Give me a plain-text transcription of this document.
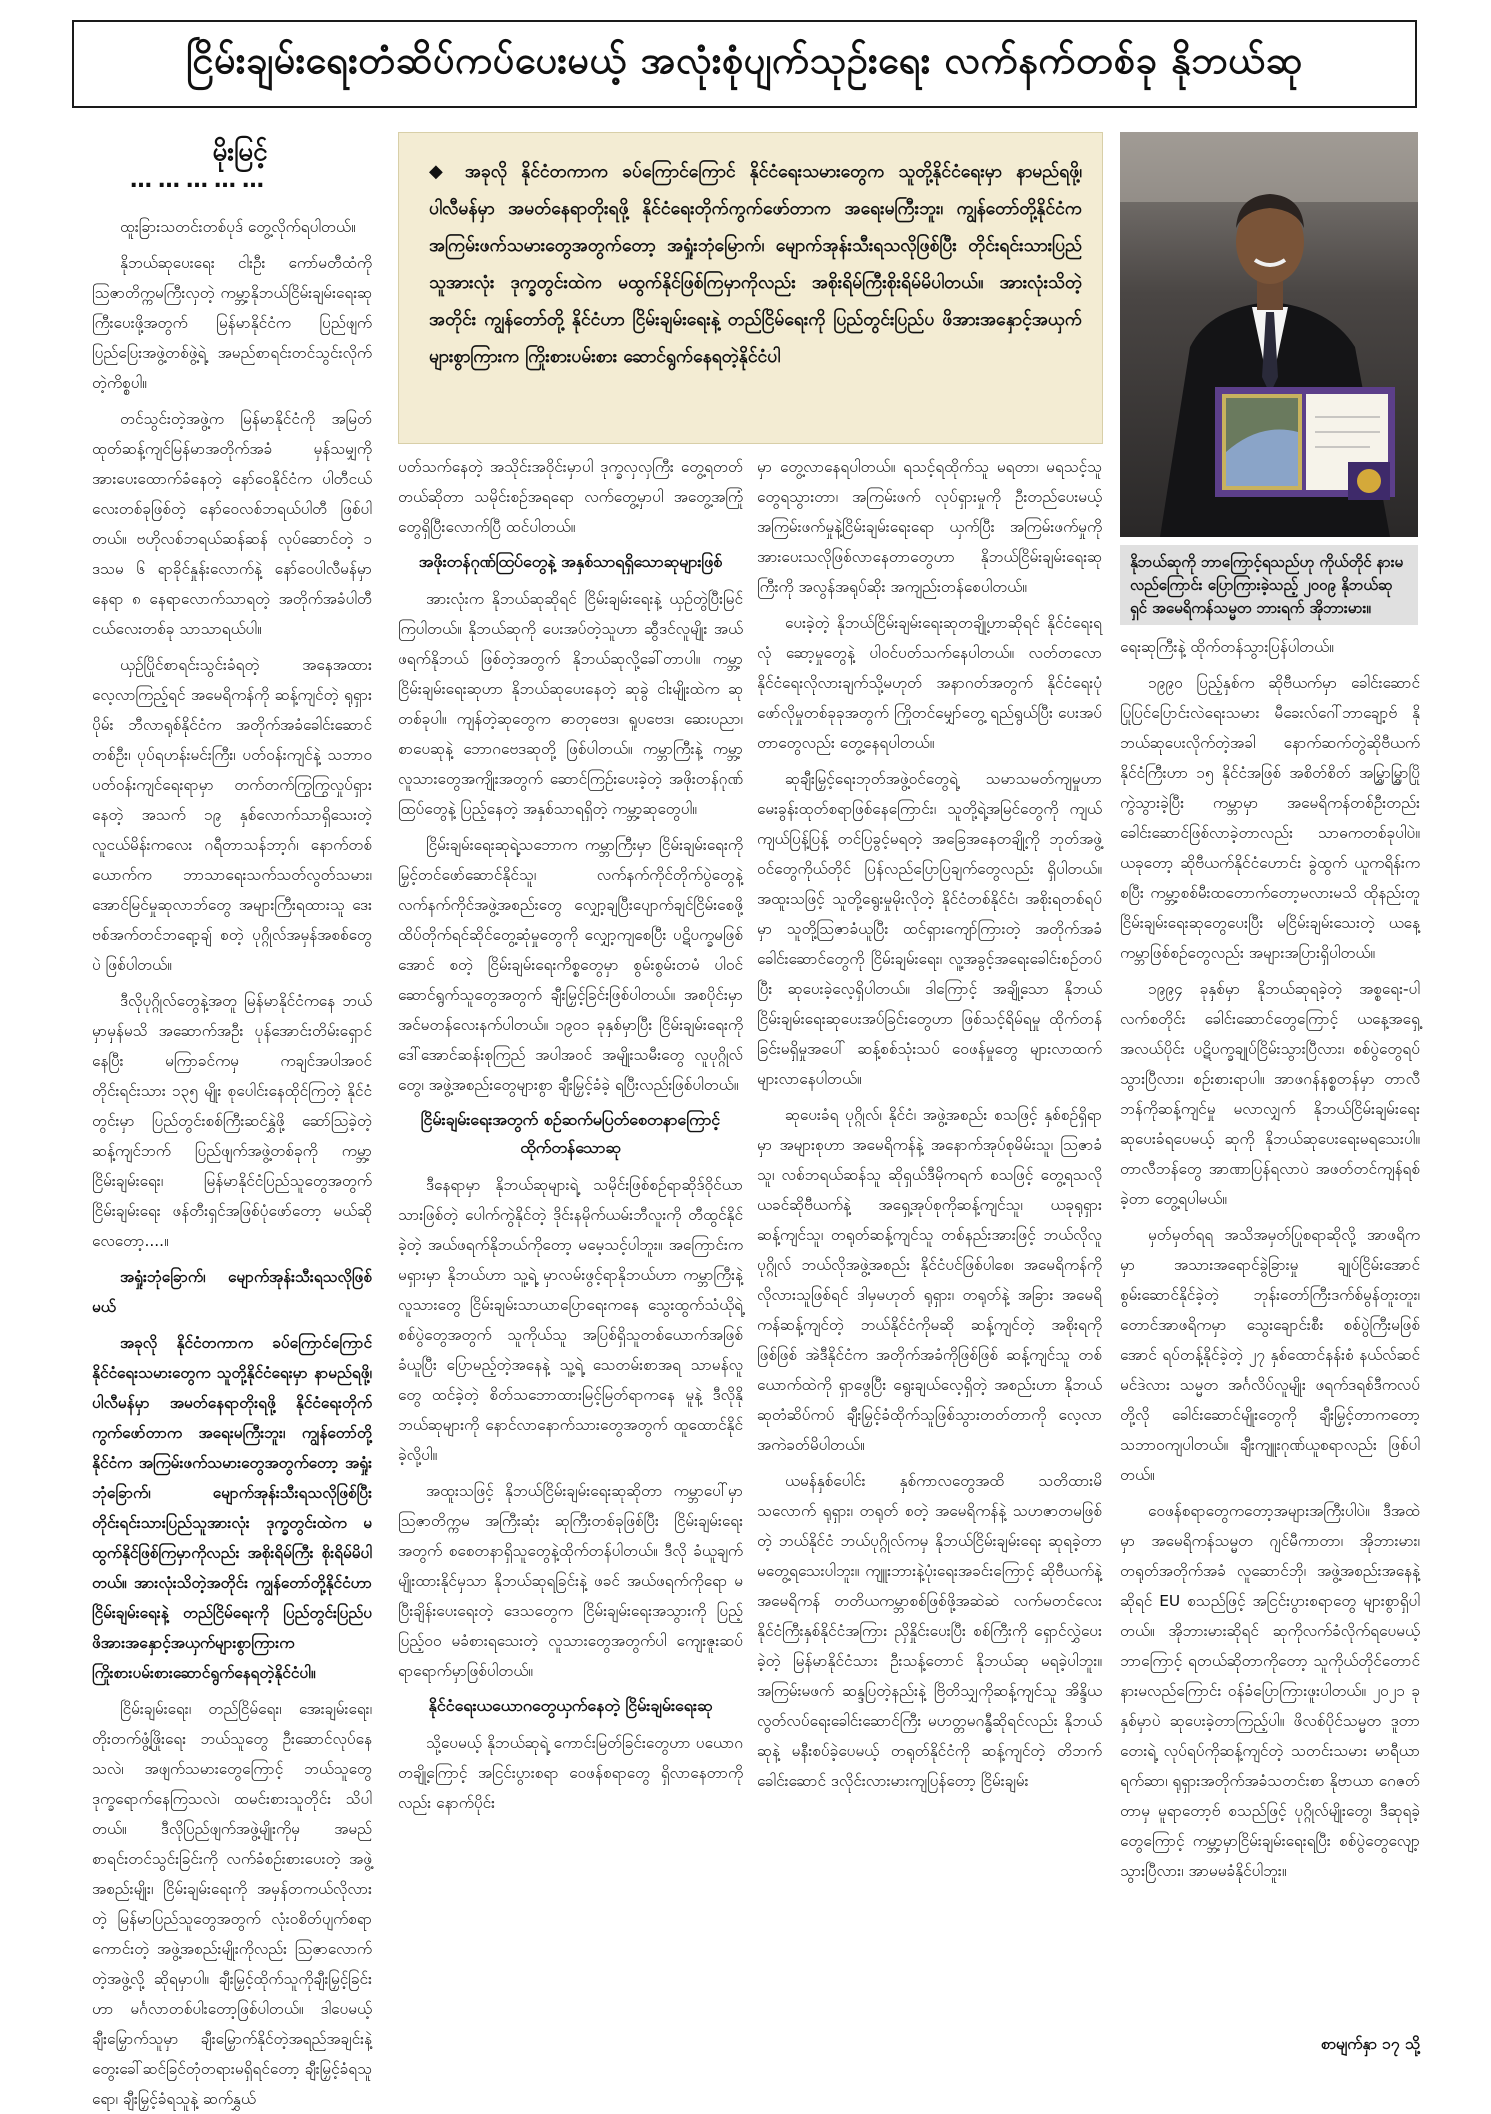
ငြိမ်းချမ်းရေးတံဆိပ်ကပ်ပေးမယ့် အလုံးစုံပျက်သုဥ်းရေး လက်နက်တစ်ခု နိုဘယ်ဆု
မိုးမြင့်
……………

ထူးခြားသတင်းတစ်ပုဒ် တွေ့လိုက်ရပါတယ်။

နိုဘယ်ဆုပေးရေး ငါးဦး ကော်မတီထံကို ဩဇာတိက္ကမကြီးလှတဲ့ ကမ္ဘာ့နိုဘယ်ငြိမ်းချမ်းရေးဆုကြီးပေးဖို့အတွက် မြန်မာနိုင်ငံက ပြည်ဖျက်ပြည်ပြေးအဖွဲ့တစ်ဖွဲ့ရဲ့ အမည်စာရင်းတင်သွင်းလိုက်တဲ့ကိစ္စပါ။

တင်သွင်းတဲ့အဖွဲ့က မြန်မာနိုင်ငံကို အမြတ်ထုတ်ဆန့်ကျင်မြန်မာအတိုက်အခံ မှန်သမျှကို အားပေးထောက်ခံနေတဲ့ နော်ဝေနိုင်ငံက ပါတီငယ်လေးတစ်ခုဖြစ်တဲ့ နော်ဝေလစ်ဘရယ်ပါတီ ဖြစ်ပါတယ်။ ဗဟိုလစ်ဘရယ်ဆန်ဆန် လုပ်ဆောင်တဲ့ ၁ ဒသမ ၆ ရာခိုင်နှုန်းလောက်နဲ့ နော်ဝေပါလီမန်မှာ နေရာ ၈ နေရာလောက်သာရတဲ့ အတိုက်အခံပါတီငယ်လေးတစ်ခု သာသာရယ်ပါ။

ယှဉ်ပြိုင်စာရင်းသွင်းခံရတဲ့ အနေအထား လေ့လာကြည့်ရင် အမေရိကန်ကို ဆန့်ကျင်တဲ့ ရုရှားပိုမ်း ဘီလာရုစ်နိုင်ငံက အတိုက်အခံခေါင်းဆောင်တစ်ဦး၊ ပုပ်ရဟန်းမင်းကြီး၊ ပတ်ဝန်းကျင်နဲ့ သဘာဝပတ်ဝန်းကျင်ရေးရာမှာ တက်တက်ကြွကြွလှုပ်ရှားနေတဲ့ အသက် ၁၉ နှစ်လောက်သာရှိသေးတဲ့ လူငယ်မိန်းကလေး ဂရီတာသန်ဘာ့ဂ်၊ နောက်တစ်ယောက်က ဘာသာရေးသက်သတ်လွတ်သမား၊ အောင်မြင်မှုဆုလာဘ်တွေ အများကြီးရထားသူ ဒေးဗစ်အက်တင်ဘရော့ချ် စတဲ့ ပုဂ္ဂိုလ်အမှန်အစစ်တွေပဲ ဖြစ်ပါတယ်။

ဒီလိုပုဂ္ဂိုလ်တွေနဲ့အတူ မြန်မာနိုင်ငံကနေ ဘယ်မှာမှန်မသိ အဆောက်အဦး ပုန်အောင်းတိမ်းရှောင်နေပြီး မကြာခင်ကမှ ကချင်အပါအဝင် တိုင်းရင်းသား ၁၃၅ မျိုး စုပေါင်းနေထိုင်ကြတဲ့ နိုင်ငံတွင်းမှာ ပြည်တွင်းစစ်ကြီးဆင်နွှဲဖို့ ဆော်သြခဲ့တဲ့ ဆန့်ကျင်ဘက် ပြည်ဖျက်အဖွဲ့တစ်ခုကို ကမ္ဘာ့ငြိမ်းချမ်းရေး၊ မြန်မာနိုင်ငံပြည်သူတွေအတွက် ငြိမ်းချမ်းရေး ဖန်တီးရှင်အဖြစ်ပုံဖော်တော့ မယ်ဆိုလေတော့....။

အရှုံးဘုံခြောက်၊ မျောက်အုန်းသီးရသလိုဖြစ်မယ်

အခုလို နိုင်ငံတကာက ခပ်ကြောင်ကြောင် နိုင်ငံရေးသမားတွေက သူတို့နိုင်ငံရေးမှာ နာမည်ရဖို့၊ ပါလီမန်မှာ အမတ်နေရာတိုးရဖို့ နိုင်ငံရေးတိုက်ကွက်ဖော်တာက အရေးမကြီးဘူး၊ ကျွန်တော်တို့နိုင်ငံက အကြမ်းဖက်သမားတွေအတွက်တော့ အရှုံးဘုံခြောက်၊ မျောက်အုန်းသီးရသလိုဖြစ်ပြီး တိုင်းရင်းသားပြည်သူအားလုံး ဒုက္ခတွင်းထဲက မထွက်နိုင်ဖြစ်ကြမှာကိုလည်း အစိုးရိမ်ကြီး စိုးရိမ်မိပါတယ်။ အားလုံးသိတဲ့အတိုင်း ကျွန်တော်တို့နိုင်ငံဟာ ငြိမ်းချမ်းရေးနဲ့ တည်ငြိမ်ရေးကို ပြည်တွင်းပြည်ပ ဖိအားအနှောင့်အယှက်များစွာကြားက ကြိုးစားပမ်းစားဆောင်ရွက်နေရတဲ့နိုင်ငံပါ။

ငြိမ်းချမ်းရေး၊ တည်ငြိမ်ရေး၊ အေးချမ်းရေး၊ တိုးတက်ဖွံ့ဖြိုးရေး ဘယ်သူတွေ ဦးဆောင်လုပ်နေသလဲ၊ အဖျက်သမားတွေကြောင့် ဘယ်သူတွေ ဒုက္ခရောက်နေကြသလဲ၊ ထမင်းစားသူတိုင်း သိပါတယ်။ ဒီလိုပြည်ဖျက်အဖွဲ့မျိုးကိုမှ အမည်စာရင်းတင်သွင်းခြင်းကို လက်ခံစဉ်းစားပေးတဲ့ အဖွဲ့အစည်းမျိုး၊ ငြိမ်းချမ်းရေးကို အမှန်တကယ်လိုလားတဲ့ မြန်မာပြည်သူတွေအတွက် လုံးဝစိတ်ပျက်စရာကောင်းတဲ့ အဖွဲ့အစည်းမျိုးကိုလည်း ဩဇာလောက်တဲ့အဖွဲ့လို့ ဆိုရမှာပါ။ ချီးမြှင့်ထိုက်သူကိုချီးမြှင့်ခြင်းဟာ မင်္ဂလာတစ်ပါးတော့ဖြစ်ပါတယ်။ ဒါပေမယ့် ချီးမြှောက်သူမှာ ချီးမြှောက်နိုင်တဲ့အရည်အချင်းနဲ့ တွေးခေါ်ဆင်ခြင်တုံတရားမရှိရင်တော့ ချီးမြှင့်ခံရသူရော၊ ချီးမြှင့်ခံရသူနဲ့ ဆက်နွှယ်

◆ အခုလို နိုင်ငံတကာက ခပ်ကြောင်ကြောင် နိုင်ငံရေးသမားတွေက သူတို့နိုင်ငံရေးမှာ နာမည်ရဖို့၊ ပါလီမန်မှာ အမတ်နေရာတိုးရဖို့ နိုင်ငံရေးတိုက်ကွက်ဖော်တာက အရေးမကြီးဘူး၊ ကျွန်တော်တို့နိုင်ငံက အကြမ်းဖက်သမားတွေအတွက်တော့ အရှုံးဘုံမြောက်၊ မျောက်အုန်းသီးရသလိုဖြစ်ပြီး တိုင်းရင်းသားပြည်သူအားလုံး ဒုက္ခတွင်းထဲက မထွက်နိုင်ဖြစ်ကြမှာကိုလည်း အစိုးရိမ်ကြီးစိုးရိမ်မိပါတယ်။ အားလုံးသိတဲ့အတိုင်း ကျွန်တော်တို့ နိုင်ငံဟာ ငြိမ်းချမ်းရေးနဲ့ တည်ငြိမ်ရေးကို ပြည်တွင်းပြည်ပ ဖိအားအနှောင့်အယှက် များစွာကြားက ကြိုးစားပမ်းစား ဆောင်ရွက်နေရတဲ့နိုင်ငံပါ

ပတ်သက်နေတဲ့ အသိုင်းအဝိုင်းမှာပါ ဒုက္ခလှလှကြီး တွေ့ရတတ်တယ်ဆိုတာ သမိုင်းစဉ်အရရော လက်တွေ့မှာပါ အတွေ့အကြုံတွေရှိပြီးလောက်ပြီ ထင်ပါတယ်။

အဖိုးတန်ဂုဏ်ထြပ်တွေနဲ့ အနှစ်သာရရှိသောဆုများဖြစ်

အားလုံးက နိုဘယ်ဆုဆိုရင် ငြိမ်းချမ်းရေးနဲ့ ယှဉ်တွဲပြီးမြင်ကြပါတယ်။ နိုဘယ်ဆုကို ပေးအပ်တဲ့သူဟာ ဆွီဒင်လူမျိုး အယ်ဖရက်နိုဘယ် ဖြစ်တဲ့အတွက် နိုဘယ်ဆုလို့ခေါ်တာပါ။ ကမ္ဘာ့ငြိမ်းချမ်းရေးဆုဟာ နိုဘယ်ဆုပေးနေတဲ့ ဆုခွဲ ငါးမျိုးထဲက ဆုတစ်ခုပါ။ ကျန်တဲ့ဆုတွေက ဓာတုဗေဒ၊ ရူပဗေဒ၊ ဆေးပညာ၊ စာပေဆုနဲ့ ဘောဂဗေဒဆုတို့ ဖြစ်ပါတယ်။ ကမ္ဘာကြီးနဲ့ ကမ္ဘာ့လူသားတွေအကျိုးအတွက် ဆောင်ကြဉ်းပေးခဲ့တဲ့ အဖိုးတန်ဂုဏ်ထြပ်တွေနဲ့ ပြည့်နေတဲ့ အနှစ်သာရရှိတဲ့ ကမ္ဘာ့ဆုတွေပါ။

ငြိမ်းချမ်းရေးဆုရဲ့သဘောက ကမ္ဘာကြီးမှာ ငြိမ်းချမ်းရေးကို မြှင့်တင်ဖော်ဆောင်နိုင်သူ၊ လက်နက်ကိုင်တိုက်ပွဲတွေနဲ့ လက်နက်ကိုင်အဖွဲ့အစည်းတွေ လျှော့ချပြီးပျောက်ချင်ငြိမ်းစေဖို့ ထိပ်တိုက်ရင်ဆိုင်တွေ့ဆုံမှုတွေကို လျှော့ကျစေပြီး ပဋိပက္ခမဖြစ်အောင် စတဲ့ ငြိမ်းချမ်းရေးကိစ္စတွေမှာ စွမ်းစွမ်းတမံ ပါဝင်ဆောင်ရွက်သူတွေအတွက် ချီးမြှင့်ခြင်းဖြစ်ပါတယ်။ အစပိုင်းမှာ အင်မတန်လေးနက်ပါတယ်။ ၁၉၀၁ ခုနှစ်မှာပြီး ငြိမ်းချမ်းရေးကို ဒေါ်အောင်ဆန်းစုကြည် အပါအဝင် အမျိုးသမီးတွေ လူပုဂ္ဂိုလ်တွေ၊ အဖွဲ့အစည်းတွေများစွာ ချီးမြှင့်ခံခဲ့ ရပြီးလည်းဖြစ်ပါတယ်။

ငြိမ်းချမ်းရေးအတွက် စဉ်ဆက်မပြတ်စေတနာကြောင့် ထိုက်တန်သောဆု

ဒီနေရာမှာ နိုဘယ်ဆုများရဲ့ သမိုင်းဖြစ်စဉ်ရာဆိုဒ်ဝိုင်ယာသားဖြစ်တဲ့ ပေါက်ကွဲနိုင်တဲ့ ဒိုင်းနမိုက်ယမ်းဘီလူးကို တီထွင်နိုင်ခဲ့တဲ့ အယ်ဖရက်နိုဘယ်ကိုတော့ မမေ့သင့်ပါဘူး။ အကြောင်းကမရှားမှာ နိုဘယ်ဟာ သူ့ရဲ့ မှာလမ်းဖွင့်ရာနိုဘယ်ဟာ ကမ္ဘာကြီးနဲ့ လူသားတွေ ငြိမ်းချမ်းသာယာပြောရေးကနေ သွေးထွက်သံယိုရဲ့ စစ်ပွဲတွေအတွက် သူကိုယ်သူ အပြစ်ရှိသူတစ်ယောက်အဖြစ် ခံယူပြီး ပြောမည့်တဲ့အနေနဲ့ သူ့ရဲ့ သေတမ်းစာအရ သာမန်လူတွေ ထင်ခဲ့တဲ့ စိတ်သဘောထားမြင့်မြတ်ရာကနေ မူနဲ့ ဒီလိုနိုဘယ်ဆုများကို နောင်လာနောက်သားတွေအတွက် ထူထောင်နိုင်ခဲ့လို့ပါ။

အထူးသဖြင့် နိုဘယ်ငြိမ်းချမ်းရေးဆုဆိုတာ ကမ္ဘာပေါ်မှာ ဩဇာတိက္ကမ အကြီးဆုံး ဆုကြီးတစ်ခုဖြစ်ပြီး ငြိမ်းချမ်းရေးအတွက် စစေတနာရှိသူတွေနဲ့ထိုက်တန်ပါတယ်။ ဒီလို ခံယူချက်မျိုးထားနိုင်မှသာ နိုဘယ်ဆုရခြင်းနဲ့ ဖခင် အယ်ဖရက်ကိုရော မပြီးချိန်းပေးရေးတဲ့ ဒေသတွေက ငြိမ်းချမ်းရေးအသွားကို ပြည့်ပြည့်ဝဝ မခံစားရသေးတဲ့ လူသားတွေအတွက်ပါ ကျေးဇူးဆပ်ရာရောက်မှာဖြစ်ပါတယ်။

နိုင်ငံရေးယယောဂတွေယှက်နေတဲ့ ငြိမ်းချမ်းရေးဆု

သို့ပေမယ့် နိုဘယ်ဆုရဲ့ ကောင်းမြတ်ခြင်းတွေဟာ ပယောဂတချို့ကြောင့် အငြင်းပွားစရာ ဝေဖန်စရာတွေ ရှိလာနေတာကိုလည်း နောက်ပိုင်း

မှာ တွေ့လာနေရပါတယ်။ ရသင့်ရထိုက်သူ မရတာ၊ မရသင့်သူတွေရသွားတာ၊ အကြမ်းဖက် လုပ်ရှားမှုကို ဦးတည်ပေးမယ့် အကြမ်းဖက်မှုနဲ့ငြိမ်းချမ်းရေးရော ယှက်ပြီး အကြမ်းဖက်မှုကို အားပေးသလိုဖြစ်လာနေတာတွေဟာ နိုဘယ်ငြိမ်းချမ်းရေးဆုကြီးကို အလွန်အရုပ်ဆိုး အကျည်းတန်စေပါတယ်။

ပေးခဲ့တဲ့ နိုဘယ်ငြိမ်းချမ်းရေးဆုတချို့ဟာဆိုရင် နိုင်ငံရေးရလုံ ဆော့မှုတွေနဲ့ ပါဝင်ပတ်သက်နေပါတယ်။ လတ်တလော နိုင်ငံရေးလိုလားချက်သို့မဟုတ် အနာဂတ်အတွက် နိုင်ငံရေးပုံဖော်လိုမှုတစ်ခုခုအတွက် ကြိုတင်မျှော်တွေ့ ရည်ရွယ်ပြီး ပေးအပ်တာတွေလည်း တွေ့နေရပါတယ်။

ဆုချီးမြှင့်ရေးဘုတ်အဖွဲ့ဝင်တွေရဲ့ သမာသမတ်ကျမှုဟာ မေးခွန်းထုတ်စရာဖြစ်နေကြောင်း၊ သူတို့ရဲ့အမြင်တွေကို ကျယ်ကျယ်ပြန့်ပြန့် တင်ပြခွင့်မရတဲ့ အခြေအနေတချို့ကို ဘုတ်အဖွဲ့ဝင်တွေကိုယ်တိုင် ပြန်လည်ပြောပြချက်တွေလည်း ရှိပါတယ်။ အထူးသဖြင့် သူတို့ရွေးမှုမိုးလိုတဲ့ နိုင်ငံတစ်နိုင်ငံ၊ အစိုးရတစ်ရပ်မှာ သူတို့ဩဇာခံယူပြီး ထင်ရှားကျော်ကြားတဲ့ အတိုက်အခံခေါင်းဆောင်တွေကို ငြိမ်းချမ်းရေး၊ လူ့အခွင့်အရေးခေါင်းစဉ်တပ်ပြီး ဆုပေးခဲ့လေ့ရှိပါတယ်။ ဒါကြောင့် အချို့သော နိုဘယ်ငြိမ်းချမ်းရေးဆုပေးအပ်ခြင်းတွေဟာ ဖြစ်သင့်ရိမ်ရမှု ထိုက်တန်ခြင်းမရှိမှုအပေါ် ဆန့်စစ်သုံးသပ် ဝေဖန်မှုတွေ များလာထက်များလာနေပါတယ်။

ဆုပေးခံရ ပုဂ္ဂိုလ်၊ နိုင်ငံ၊ အဖွဲ့အစည်း စသဖြင့် နှစ်စဉ်ရှိရာမှာ အများစုဟာ အမေရိကန်နဲ့ အနောက်အုပ်စုမိမ်းသူ၊ ဩဇာခံသူ၊ လစ်ဘရယ်ဆန်သူ ဆိုရှယ်ဒီမိုကရက် စသဖြင့် တွေ့ရသလိုယခင်ဆိုဗီယက်နဲ့ အရှေ့အုပ်စုကိုဆန့်ကျင်သူ၊ ယခုရုရှားဆန့်ကျင်သူ၊ တရုတ်ဆန့်ကျင်သူ တစ်နည်းအားဖြင့် ဘယ်လိုလူပုဂ္ဂိုလ် ဘယ်လိုအဖွဲ့အစည်း နိုင်ငံပင်ဖြစ်ပါစေ၊ အမေရိကန်ကိုလိုလားသူဖြစ်ရင် ဒါမှမဟုတ် ရုရှား၊ တရုတ်နဲ့ အခြား အမေရိကန်ဆန့်ကျင်တဲ့ ဘယ်နိုင်ငံကိုမဆို ဆန့်ကျင်တဲ့ အစိုးရကိုဖြစ်ဖြစ် အဲဒီနိုင်ငံက အတိုက်အခံကိုဖြစ်ဖြစ် ဆန့်ကျင်သူ တစ်ယောက်ထဲကို ရှာဖွေပြီး ရွေးချယ်လေ့ရှိတဲ့ အစည်းဟာ နိုဘယ်ဆုတံဆိပ်ကပ် ချီးမြှင့်ခံထိုက်သူဖြစ်သွားတတ်တာကို လေ့လာအကဲခတ်မိပါတယ်။

ယမန်နှစ်ပေါင်း နှစ်ကာလတွေအထိ သတိထားမိသလောက် ရုရှား၊ တရုတ် စတဲ့ အမေရိကန်နဲ့ သဟဇာတမဖြစ်တဲ့ ဘယ်နိုင်ငံ ဘယ်ပုဂ္ဂိုလ်ကမှ နိုဘယ်ငြိမ်းချမ်းရေး ဆုရခဲ့တာ မတွေ့ရသေးပါဘူး။ ကျူးဘားနဲ့ပုံးရေးအခင်းကြောင့် ဆိုဗီယက်နဲ့ အမေရိကန် တတိယကမ္ဘာစစ်ဖြစ်ဖို့အဆဲဆဲ လက်မတင်လေး နိုင်ငံကြီးနှစ်နိုင်ငံအကြား ညှိနှိုင်းပေးပြီး စစ်ကြီးကို ရှောင်လွှဲပေးခဲ့တဲ့ မြန်မာနိုင်ငံသား ဦးသန့်တောင် နိုဘယ်ဆု မရခဲ့ပါဘူး။ အကြမ်းမဖက် ဆန္ဒပြတဲ့နည်းနဲ့ ဗြိတိသျှကိုဆန့်ကျင်သူ အိန္ဒိယလွတ်လပ်ရေးခေါင်းဆောင်ကြီး မဟတ္တမဂန္ဓီဆိုရင်လည်း နိုဘယ်ဆုနဲ့ မနီးစပ်ခဲ့ပေမယ့် တရုတ်နိုင်ငံကို ဆန့်ကျင်တဲ့ တိဘက်ခေါင်းဆောင် ဒလိုင်းလားမားကျပြန်တော့ ငြိမ်းချမ်း

နိုဘယ်ဆုကို ဘာကြောင့်ရသည်ဟု ကိုယ်တိုင် နားမလည်ကြောင်း ပြောကြားခဲ့သည့် ၂၀၀၉ နိုဘယ်ဆုရှင် အမေရိကန်သမ္မတ ဘားရက် အိုဘားမား။

ရေးဆုကြီးနဲ့ ထိုက်တန်သွားပြန်ပါတယ်။

၁၉၉၀ ပြည့်နှစ်က ဆိုဗီယက်မှာ ခေါင်းဆောင် ပြုပြင်ပြောင်းလဲရေးသမား မီခေးလ်ဂေါ်ဘာချော့ဗ် နိုဘယ်ဆုပေးလိုက်တဲ့အခါ နောက်ဆက်တွဲဆိုဗီယက်နိုင်ငံကြီးဟာ ၁၅ နိုင်ငံအဖြစ် အစိတ်စိတ် အမြွှာမြွှာပြိုကွဲသွားခဲ့ပြီး ကမ္ဘာမှာ အမေရိကန်တစ်ဦးတည်း ခေါင်းဆောင်ဖြစ်လာခဲ့တာလည်း သာဓကတစ်ခုပါပဲ။ ယခုတော့ ဆိုဗီယက်နိုင်ငံဟောင်း ခွဲထွက် ယူကရိန်းကစပြီး ကမ္ဘာ့စစ်မီးထတောက်တော့မလားမသိ ထိုနည်းတူ ငြိမ်းချမ်းရေးဆုတွေပေးပြီး မငြိမ်းချမ်းသေးတဲ့ ယနေ့ကမ္ဘာဖြစ်စဉ်တွေလည်း အများအပြားရှိပါတယ်။

၁၉၉၄ ခုနှစ်မှာ နိုဘယ်ဆုရခဲ့တဲ့ အစ္စရေး-ပါလက်စတိုင်း ခေါင်းဆောင်တွေကြောင့် ယနေ့အရှေ့အလယ်ပိုင်း ပဋိပက္ခချုပ်ငြိမ်းသွားပြီလား၊ စစ်ပွဲတွေရပ်သွားပြီလား၊ စဉ်းစားရာပါ။ အာဖဂန်နစ္စတန်မှာ တာလီဘန်ကိုဆန့်ကျင်မှု မလာလျှက် နိုဘယ်ငြိမ်းချမ်းရေး ဆုပေးခံရပေမယ့် ဆုကို နိုဘယ်ဆုပေးရေးမရသေးပါ။ တာလီဘန်တွေ အာဏာပြန်ရလာပဲ အဖတ်တင်ကျန်ရစ်ခဲ့တာ တွေ့ရပါမယ်။

မှတ်မှတ်ရရ အသိအမှတ်ပြုစရာဆိုလို့ အာဖရိကမှာ အသားအရောင်ခွဲခြားမှု ချုပ်ငြိမ်းအောင် စွမ်းဆောင်နိုင်ခဲ့တဲ့ ဘုန်းတော်ကြီးဒက်စ်မွန်တူးတူး၊ တောင်အာဖရိကမှာ သွေးချောင်းစီး စစ်ပွဲကြီးမဖြစ်အောင် ရပ်တန့်နိုင်ခဲ့တဲ့ ၂၇ နှစ်ထောင်နန်းစံ နယ်လ်ဆင်မင်ဒဲလား သမ္မတ အင်္ဂလိပ်လူမျိုး ဖရက်ဒရစ်ဒီကလပ်တို့လို ခေါင်းဆောင်မျိုးတွေကို ချီးမြှင့်တာကတော့ သဘာဝကျပါတယ်။ ချီးကျူးဂုဏ်ယူစရာလည်း ဖြစ်ပါတယ်။

ဝေဖန်စရာတွေကတော့အများအကြီးပါပဲ။ ဒီအထဲမှာ အမေရိကန်သမ္မတ ဂျင်မီကာတာ၊ အိုဘားမား၊ တရုတ်အတိုက်အခံ လူဆောင်ဘို၊ အဖွဲ့အစည်းအနေနဲ့ဆိုရင် EU စသည်ဖြင့် အငြင်းပွားစရာတွေ များစွာရှိပါတယ်။ အိုဘားမားဆိုရင် ဆုကိုလက်ခံလိုက်ရပေမယ့် ဘာကြောင့် ရတယ်ဆိုတာကိုတော့ သူကိုယ်တိုင်တောင် နားမလည်ကြောင်း ဝန်ခံပြောကြားဖူးပါတယ်။ ၂၀၂၁ ခုနှစ်မှာပဲ ဆုပေးခဲ့တာကြည့်ပါ။ ဖိလစ်ပိုင်သမ္မတ ဒူတာတေးရဲ့ လုပ်ရပ်ကိုဆန့်ကျင်တဲ့ သတင်းသမား မာရီယာရက်ဆာ၊ ရုရှားအတိုက်အခံသတင်းစာ နိုဗာယာ ဂေဇတ်တာမှ မူရာတော့ဗ် စသည်ဖြင့် ပုဂ္ဂိုလ်မျိုးတွေ၊ ဒီဆုရခဲ့တွေကြောင့် ကမ္ဘာ့မှာငြိမ်းချမ်းရေးရပြီး စစ်ပွဲတွေလျော့သွားပြီလား၊ အာမမခံနိုင်ပါဘူး။

စာမျက်နှာ ၁၇ သို့
